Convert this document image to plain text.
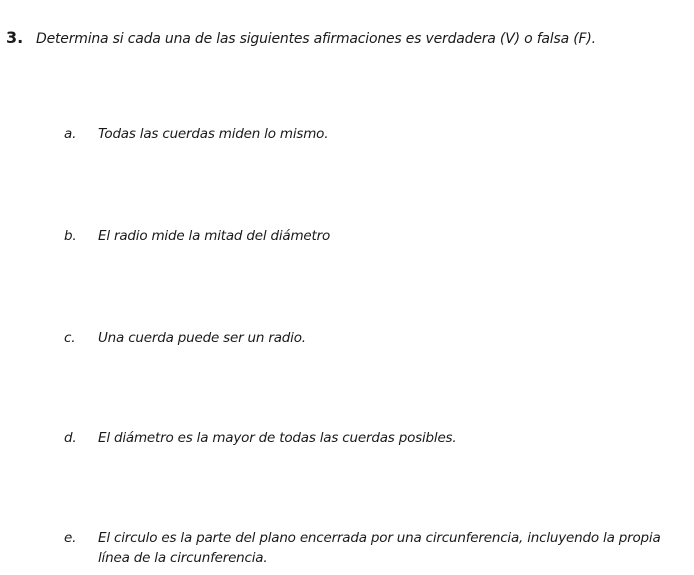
3. Determina si cada una de las siguientes afirmaciones es verdadera (V) o falsa (F).
a.	Todas las cuerdas miden lo mismo.
b.	El radio mide la mitad del diámetro
c.	Una cuerda puede ser un radio.
d.	El diámetro es la mayor de todas las cuerdas posibles.
e.	El circulo es la parte del plano encerrada por una circunferencia, incluyendo la propia línea de la circunferencia.
